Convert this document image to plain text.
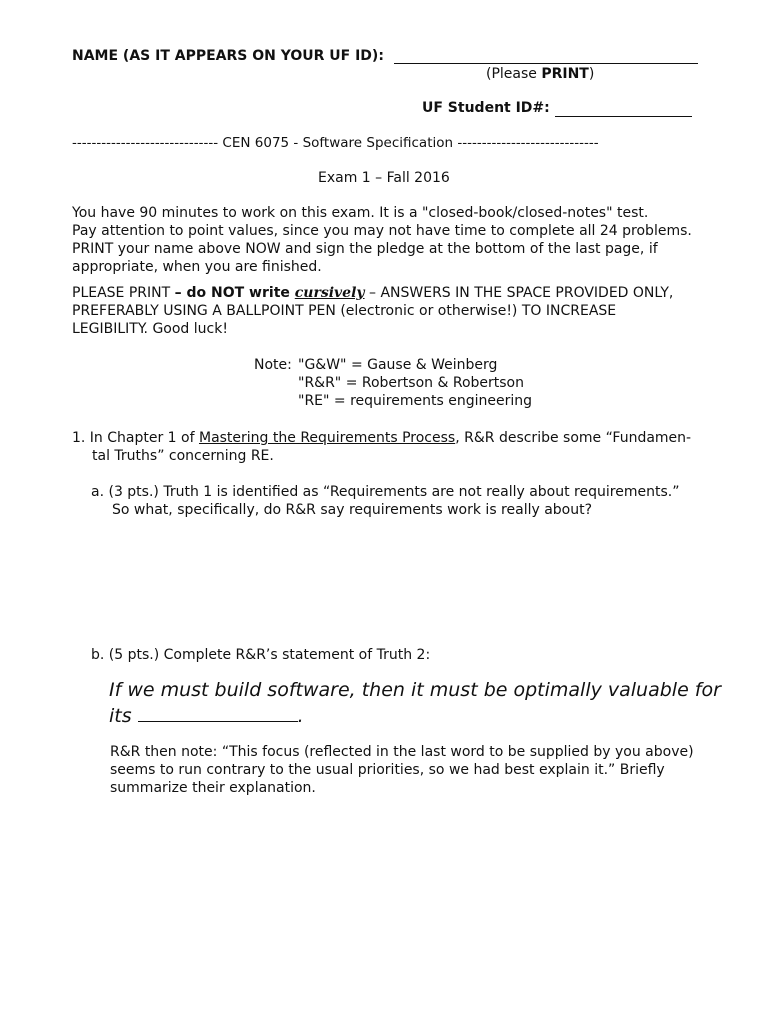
NAME (AS IT APPEARS ON YOUR UF ID):
(Please PRINT)
UF Student ID#:
------------------------------ CEN 6075 - Software Specification -----------------------------
Exam 1 – Fall 2016
You have 90 minutes to work on this exam. It is a "closed-book/closed-notes" test.
Pay attention to point values, since you may not have time to complete all 24 problems.
PRINT your name above NOW and sign the pledge at the bottom of the last page, if
appropriate, when you are finished.
PLEASE PRINT – do NOT write cursively – ANSWERS IN THE SPACE PROVIDED ONLY,
PREFERABLY USING A BALLPOINT PEN (electronic or otherwise!) TO INCREASE
LEGIBILITY. Good luck!
Note: "G&W" = Gause & Weinberg
"R&R" = Robertson & Robertson
"RE" = requirements engineering
1. In Chapter 1 of Mastering the Requirements Process, R&R describe some “Fundamen-
tal Truths” concerning RE.
a. (3 pts.) Truth 1 is identified as “Requirements are not really about requirements.”
So what, specifically, do R&R say requirements work is really about?
b. (5 pts.) Complete R&R’s statement of Truth 2:
If we must build software, then it must be optimally valuable for
its	.
R&R then note: “This focus (reflected in the last word to be supplied by you above)
seems to run contrary to the usual priorities, so we had best explain it.” Briefly
summarize their explanation.
